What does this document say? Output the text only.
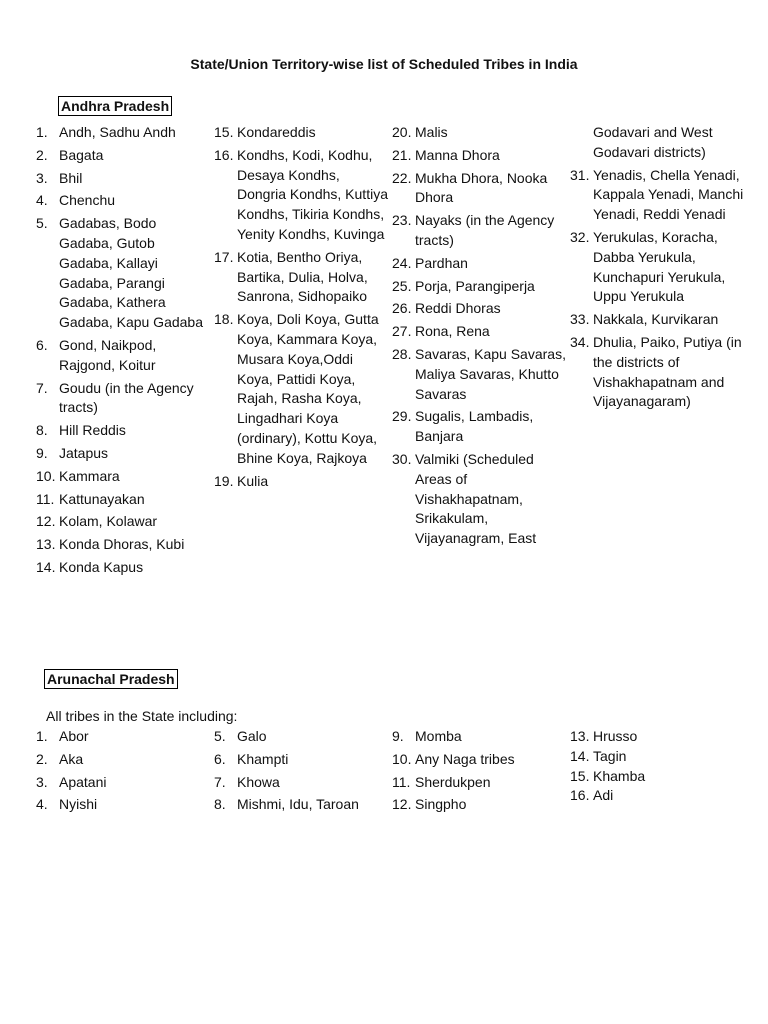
State/Union Territory-wise list of Scheduled Tribes in India
Andhra Pradesh
1. Andh, Sadhu Andh
2. Bagata
3. Bhil
4. Chenchu
5. Gadabas, Bodo Gadaba, Gutob Gadaba, Kallayi Gadaba, Parangi Gadaba, Kathera Gadaba, Kapu Gadaba
6. Gond, Naikpod, Rajgond, Koitur
7. Goudu (in the Agency tracts)
8. Hill Reddis
9. Jatapus
10. Kammara
11. Kattunayakan
12. Kolam, Kolawar
13. Konda Dhoras, Kubi
14. Konda Kapus
15. Kondareddis
16. Kondhs, Kodi, Kodhu, Desaya Kondhs, Dongria Kondhs, Kuttiya Kondhs, Tikiria Kondhs, Yenity Kondhs, Kuvinga
17. Kotia, Bentho Oriya, Bartika, Dulia, Holva, Sanrona, Sidhopaiko
18. Koya, Doli Koya, Gutta Koya, Kammara Koya, Musara Koya,Oddi Koya, Pattidi Koya, Rajah, Rasha Koya, Lingadhari Koya (ordinary), Kottu Koya, Bhine Koya, Rajkoya
19. Kulia
20. Malis
21. Manna Dhora
22. Mukha Dhora, Nooka Dhora
23. Nayaks (in the Agency tracts)
24. Pardhan
25. Porja, Parangiperja
26. Reddi Dhoras
27. Rona, Rena
28. Savaras, Kapu Savaras, Maliya Savaras, Khutto Savaras
29. Sugalis, Lambadis, Banjara
30. Valmiki (Scheduled Areas of Vishakhapatnam, Srikakulam, Vijayanagram, East
Godavari and West Godavari districts)
31. Yenadis, Chella Yenadi, Kappala Yenadi, Manchi Yenadi, Reddi Yenadi
32. Yerukulas, Koracha, Dabba Yerukula, Kunchapuri Yerukula, Uppu Yerukula
33. Nakkala, Kurvikaran
34. Dhulia, Paiko, Putiya (in the districts of Vishakhapatnam and Vijayanagaram)
Arunachal Pradesh
All tribes in the State including:
1. Abor
2. Aka
3. Apatani
4. Nyishi
5. Galo
6. Khampti
7. Khowa
8. Mishmi, Idu, Taroan
9. Momba
10. Any Naga tribes
11. Sherdukpen
12. Singpho
13. Hrusso
14. Tagin
15. Khamba
16. Adi
